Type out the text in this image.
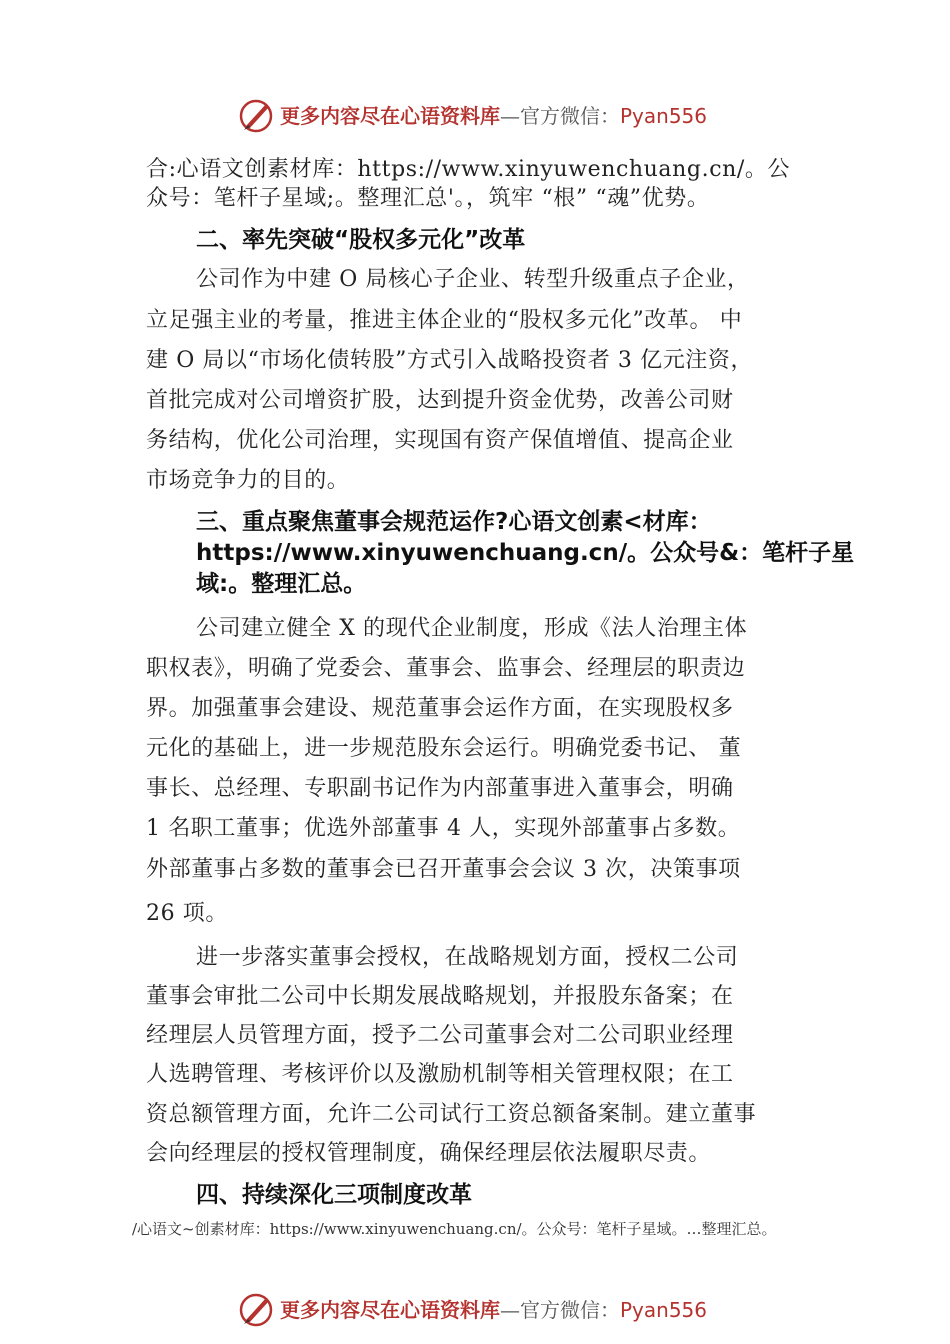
更多内容尽在心语资料库—官方微信：Pyan556
合:心语文创素材库：https://www.xinyuwenchuang.cn/。公
众号：笔杆子星域;。整理汇总'。，筑牢 “根” “魂”优势。
二、率先突破“股权多元化”改革
公司作为中建 O 局核心子企业、转型升级重点子企业，
立足强主业的考量，推进主体企业的“股权多元化”改革。 中
建 O 局以“市场化债转股”方式引入战略投资者 3 亿元注资，
首批完成对公司增资扩股，达到提升资金优势，改善公司财
务结构，优化公司治理，实现国有资产保值增值、提高企业
市场竞争力的目的。
三、重点聚焦董事会规范运作?心语文创素<材库：
https://www.xinyuwenchuang.cn/。公众号&：笔杆子星
域:。整理汇总。
公司建立健全 X 的现代企业制度，形成《法人治理主体
职权表》，明确了党委会、董事会、监事会、经理层的职责边
界。加强董事会建设、规范董事会运作方面，在实现股权多
元化的基础上，进一步规范股东会运行。明确党委书记、 董
事长、总经理、专职副书记作为内部董事进入董事会，明确
1 名职工董事；优选外部董事 4 人，实现外部董事占多数。
外部董事占多数的董事会已召开董事会会议 3 次，决策事项
26 项。
进一步落实董事会授权，在战略规划方面，授权二公司
董事会审批二公司中长期发展战略规划，并报股东备案；在
经理层人员管理方面，授予二公司董事会对二公司职业经理
人选聘管理、考核评价以及激励机制等相关管理权限；在工
资总额管理方面，允许二公司试行工资总额备案制。建立董事
会向经理层的授权管理制度，确保经理层依法履职尽责。
四、持续深化三项制度改革
/心语文~创素材库：https://www.xinyuwenchuang.cn/。公众号：笔杆子星域。…整理汇总。
更多内容尽在心语资料库—官方微信：Pyan556
